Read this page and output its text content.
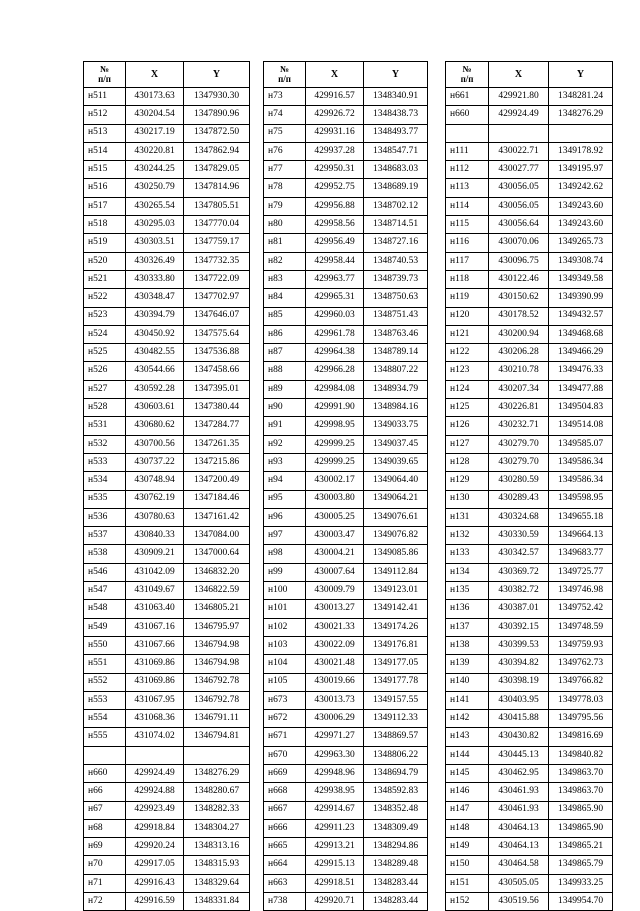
№
п/п	X	Y
н511	430173.63	1347930.30
н512	430204.54	1347890.96
н513	430217.19	1347872.50
н514	430220.81	1347862.94
н515	430244.25	1347829.05
н516	430250.79	1347814.96
н517	430265.54	1347805.51
н518	430295.03	1347770.04
н519	430303.51	1347759.17
н520	430326.49	1347732.35
н521	430333.80	1347722.09
н522	430348.47	1347702.97
н523	430394.79	1347646.07
н524	430450.92	1347575.64
н525	430482.55	1347536.88
н526	430544.66	1347458.66
н527	430592.28	1347395.01
н528	430603.61	1347380.44
н531	430680.62	1347284.77
н532	430700.56	1347261.35
н533	430737.22	1347215.86
н534	430748.94	1347200.49
н535	430762.19	1347184.46
н536	430780.63	1347161.42
н537	430840.33	1347084.00
н538	430909.21	1347000.64
н546	431042.09	1346832.20
н547	431049.67	1346822.59
н548	431063.40	1346805.21
н549	431067.16	1346795.97
н550	431067.66	1346794.98
н551	431069.86	1346794.98
н552	431069.86	1346792.78
н553	431067.95	1346792.78
н554	431068.36	1346791.11
н555	431074.02	1346794.81

н660	429924.49	1348276.29
н66	429924.88	1348280.67
н67	429923.49	1348282.33
н68	429918.84	1348304.27
н69	429920.24	1348313.16
н70	429917.05	1348315.93
н71	429916.43	1348329.64
н72	429916.59	1348331.84
№
п/п	X	Y
н73	429916.57	1348340.91
н74	429926.72	1348438.73
н75	429931.16	1348493.77
н76	429937.28	1348547.71
н77	429950.31	1348683.03
н78	429952.75	1348689.19
н79	429956.88	1348702.12
н80	429958.56	1348714.51
н81	429956.49	1348727.16
н82	429958.44	1348740.53
н83	429963.77	1348739.73
н84	429965.31	1348750.63
н85	429960.03	1348751.43
н86	429961.78	1348763.46
н87	429964.38	1348789.14
н88	429966.28	1348807.22
н89	429984.08	1348934.79
н90	429991.90	1348984.16
н91	429998.95	1349033.75
н92	429999.25	1349037.45
н93	429999.25	1349039.65
н94	430002.17	1349064.40
н95	430003.80	1349064.21
н96	430005.25	1349076.61
н97	430003.47	1349076.82
н98	430004.21	1349085.86
н99	430007.64	1349112.84
н100	430009.79	1349123.01
н101	430013.27	1349142.41
н102	430021.33	1349174.26
н103	430022.09	1349176.81
н104	430021.48	1349177.05
н105	430019.66	1349177.78
н673	430013.73	1349157.55
н672	430006.29	1349112.33
н671	429971.27	1348869.57
н670	429963.30	1348806.22
н669	429948.96	1348694.79
н668	429938.95	1348592.83
н667	429914.67	1348352.48
н666	429911.23	1348309.49
н665	429913.21	1348294.86
н664	429915.13	1348289.48
н663	429918.51	1348283.44
н738	429920.71	1348283.44
№
п/п	X	Y
н661	429921.80	1348281.24
н660	429924.49	1348276.29

н111	430022.71	1349178.92
н112	430027.77	1349195.97
н113	430056.05	1349242.62
н114	430056.05	1349243.60
н115	430056.64	1349243.60
н116	430070.06	1349265.73
н117	430096.75	1349308.74
н118	430122.46	1349349.58
н119	430150.62	1349390.99
н120	430178.52	1349432.57
н121	430200.94	1349468.68
н122	430206.28	1349466.29
н123	430210.78	1349476.33
н124	430207.34	1349477.88
н125	430226.81	1349504.83
н126	430232.71	1349514.08
н127	430279.70	1349585.07
н128	430279.70	1349586.34
н129	430280.59	1349586.34
н130	430289.43	1349598.95
н131	430324.68	1349655.18
н132	430330.59	1349664.13
н133	430342.57	1349683.77
н134	430369.72	1349725.77
н135	430382.72	1349746.98
н136	430387.01	1349752.42
н137	430392.15	1349748.59
н138	430399.53	1349759.93
н139	430394.82	1349762.73
н140	430398.19	1349766.82
н141	430403.95	1349778.03
н142	430415.88	1349795.56
н143	430430.82	1349816.69
н144	430445.13	1349840.82
н145	430462.95	1349863.70
н146	430461.93	1349863.70
н147	430461.93	1349865.90
н148	430464.13	1349865.90
н149	430464.13	1349865.21
н150	430464.58	1349865.79
н151	430505.05	1349933.25
н152	430519.56	1349954.70
